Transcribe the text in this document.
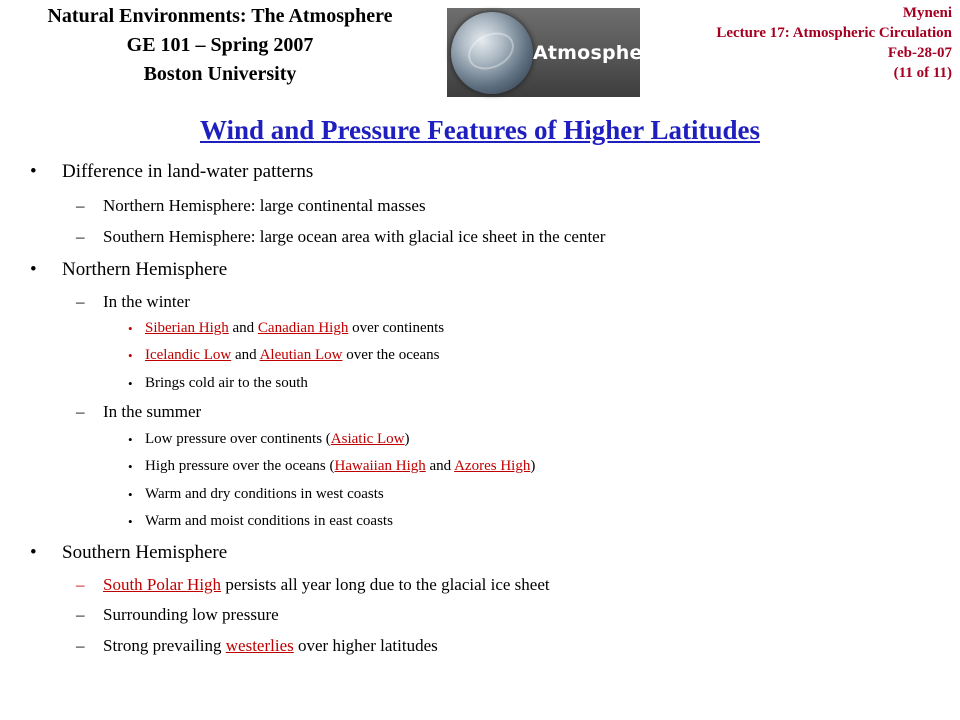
Natural Environments: The Atmosphere
GE 101 – Spring 2007
Boston University
Atmosphere
Myneni
Lecture 17: Atmospheric Circulation
Feb-28-07
(11 of 11)
Wind and Pressure Features of Higher Latitudes
• Difference in land-water patterns
– Northern Hemisphere: large continental masses
– Southern Hemisphere: large ocean area with glacial ice sheet in the center
• Northern Hemisphere
– In the winter
• Siberian High and Canadian High over continents
• Icelandic Low and Aleutian Low over the oceans
• Brings cold air to the south
– In the summer
• Low pressure over continents (Asiatic Low)
• High pressure over the oceans (Hawaiian High and Azores High)
• Warm and dry conditions in west coasts
• Warm and moist conditions in east coasts
• Southern Hemisphere
– South Polar High persists all year long due to the glacial ice sheet
– Surrounding low pressure
– Strong prevailing westerlies over higher latitudes
